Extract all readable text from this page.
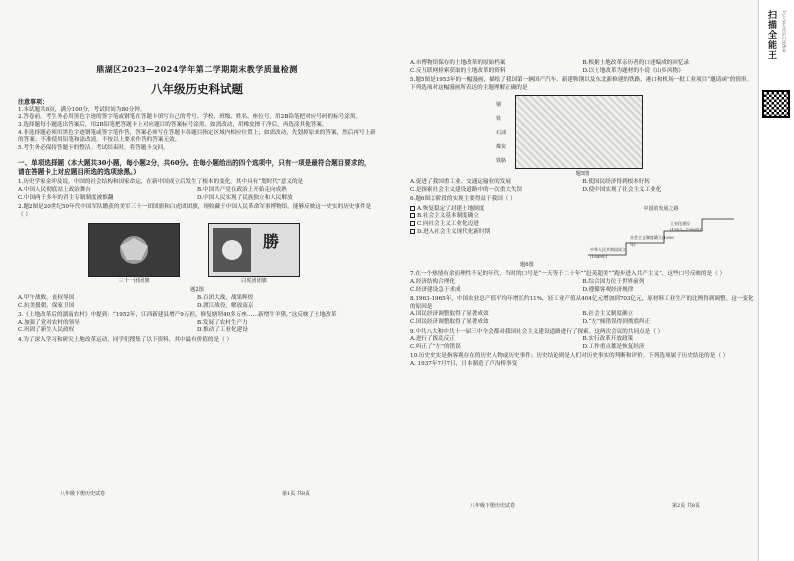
鼎湖区2023—2024学年第二学期期末教学质量检测
八年级历史科试题
注意事项：
1.本试题共8页，满分100分，考试时间为80分钟。
2.答卷前，考生务必用黑色字迹的签字笔或钢笔在答题卡填写自己的考号、学校、班级、姓名、座位号。用2B铅笔把对应号码的标号涂黑。
3.选择题每小题选出答案后，用2B铅笔把答题卡上对应题目的答案标号涂黑，如需改动，用橡皮擦干净后，再选涂其他答案。
4.非选择题必须用黑色字迹钢笔或签字笔作答，答案必须写在答题卡各题目指定区域内相应位置上；如需改动，先划掉原来的答案，然后再写上新的答案；不准使用铅笔和涂改液。不按以上要求作答的答案无效。
5.考生务必保持答题卡的整洁。考试结束时，将答题卡交回。
一、单项选择题（本大题共30小题，每小题2分，共60分。在每小题给出的四个选项中，只有一项是最符合题目要求的，请在答题卡上对应题目所选的选项涂黑。）
1.历史学家金冲及说，中国的社会结构和国家命运，在新中国成立后发生了根本的变化。其中具有“划时代”意义的是
A.中国人民彻底站上政治舞台	B.中国共产党在政治上开始走向成熟
C.中国两千多年的君主专制制度被推翻	D.中国人民实现了民族独立和人民解放
2.题2图是20世纪50年代中国军队缴获的美军三十一团团旗和白虎团团旗，现收藏于中国人民革命军事博物馆。能够反映这一史实的历史事件是（ ）
三十一团团旗
勝
白虎团团旗
题2图
A.甲午战败，丧权辱国	B.百团大战，战果辉煌
C.抗美援朝，保家卫国	D.渡江战役，解放南京
3.《土地改革后的湖南农村》中提到：“1952年，江西新建县增产9万担，修复塘坝40多万座……新增牛羊猪。”这反映了土地改革
A.加强了党对农村的领导	B.发展了农村生产力
C.巩固了新生人民政权	D.推动了工业化建设
4.为了深入学习和研究土地改革运动，同学们搜集了以下资料，其中最有价值的是（ ）
八年级下册历史试卷	第1页 共8页
A.市博物馆保存的土地改革的原始档案	B.根据土地改革亲历者的口述编成的回忆录
C.反互联网检索获取的土地改革的资料	D.以土地改革为题材的小说《山乡风物》
5.题5图是1953年的一幅漫画，描绘了我国第一辆国产汽车、新建鞍钢以及东北新修建的铁路、港口和机场一批工业项目“邀请函”的情形。下列选项对这幅漫画所表达的主题理解正确的是
钢
铁
石油
煤炭
铁路
题5图
A.促进了我国重工业、交通运输业的发展	B.使国民经济得到根本好转
C.是探索社会主义建设道路中的一次重大失误	D.使中国实现了社会主义工业化
6.题6图②阶段的实现主要得益于我国（ ）
A.恢复稳定了封建土地制度
B.社会主义基本制度确立
C.向社会主义工业化迈进
D.进入社会主义现代化新时期
中国的发展之路
中华人民共和国成立(1949年)
社会主义制度确立(1956年)
工业化建设
(1953—1956年)
题6图
7.在一个热情有余而理性不足的年代，当时的口号是“一天等于二十年”“赶英超美”“跑步进入共产主义”，这些口号反映的是（ ）
A.经济结构合理化	B.综合国力位于世界前列
C.经济建设急于求成	D.遵循客观经济规律
8.1963-1965年，中国农业总产值平均年增长约11%，轻工业产值从404亿元增加到703亿元，原材料工业生产的比例得到调整。这一变化的原因是
A.国民经济调整取得了显著成效	B.社会主义制度确立
C.国民经济调整取得了显著成效	D.“左”倾错误得到彻底纠正
9.中共八大和中共十一届三中全会都对我国社会主义建设道路进行了探索。这两次会议的共同点是（ ）
A.进行了拨乱反正	B.实行改革开放政策
C.纠正了“左”的错误	D.工作重点都是恢复经济
10.历史史实是指客观存在的历史人物或历史事件；历史结论则是人们对历史事实的判断和评价。下列选项属于历史结论的是（ ）
A. 1937年7月7日，日本制造了卢沟桥事变
八年级下册历史试卷	第2页 共8页
扫描全能王	3亿人都在用的扫描App
